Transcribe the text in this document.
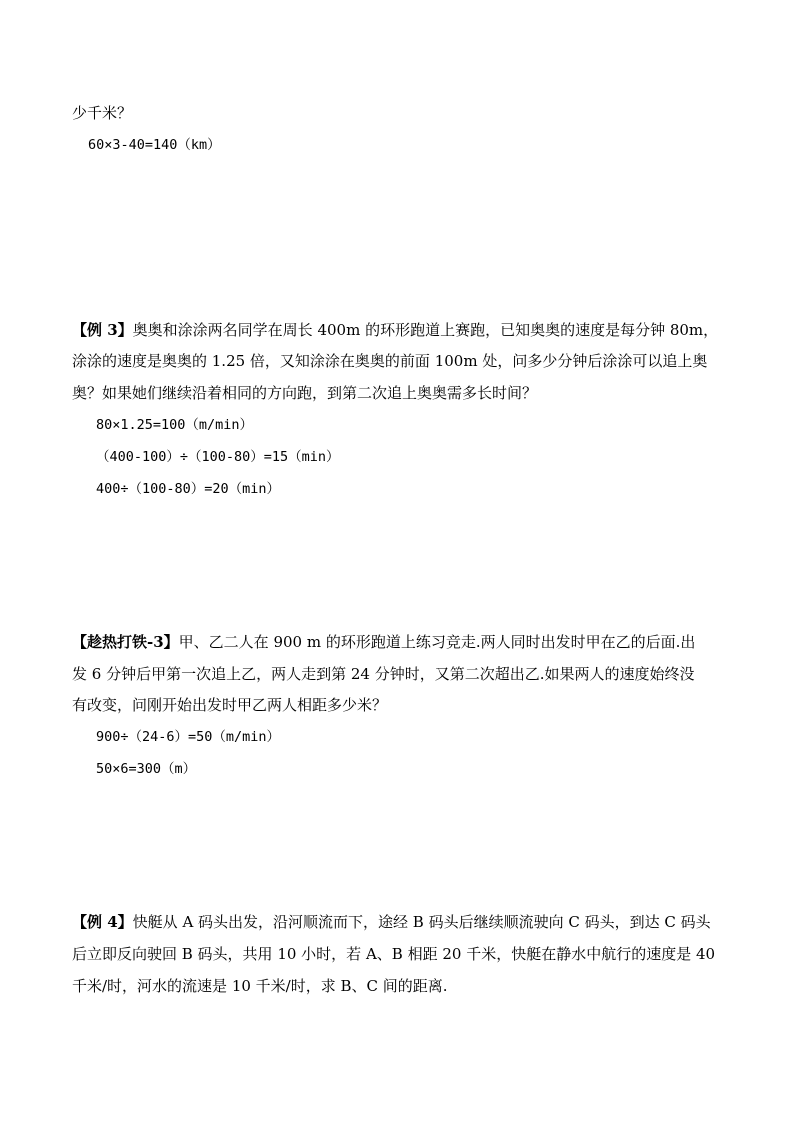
少千米？
60×3-40=140（km）
【例 3】奥奥和涂涂两名同学在周长 400m 的环形跑道上赛跑，已知奥奥的速度是每分钟 80m，
涂涂的速度是奥奥的 1.25 倍，又知涂涂在奥奥的前面 100m 处，问多少分钟后涂涂可以追上奥
奥？如果她们继续沿着相同的方向跑，到第二次追上奥奥需多长时间？
80×1.25=100（m/min）
（400-100）÷（100-80）=15（min）
400÷（100-80）=20（min）
【趁热打铁-3】甲、乙二人在 900 m 的环形跑道上练习竞走.两人同时出发时甲在乙的后面.出
发 6 分钟后甲第一次追上乙，两人走到第 24 分钟时，又第二次超出乙.如果两人的速度始终没
有改变，问刚开始出发时甲乙两人相距多少米？
900÷（24-6）=50（m/min）
50×6=300（m）
【例 4】快艇从 A 码头出发，沿河顺流而下，途经 B 码头后继续顺流驶向 C 码头，到达 C 码头
后立即反向驶回 B 码头，共用 10 小时，若 A、B 相距 20 千米，快艇在静水中航行的速度是 40
千米/时，河水的流速是 10 千米/时，求 B、C 间的距离.
